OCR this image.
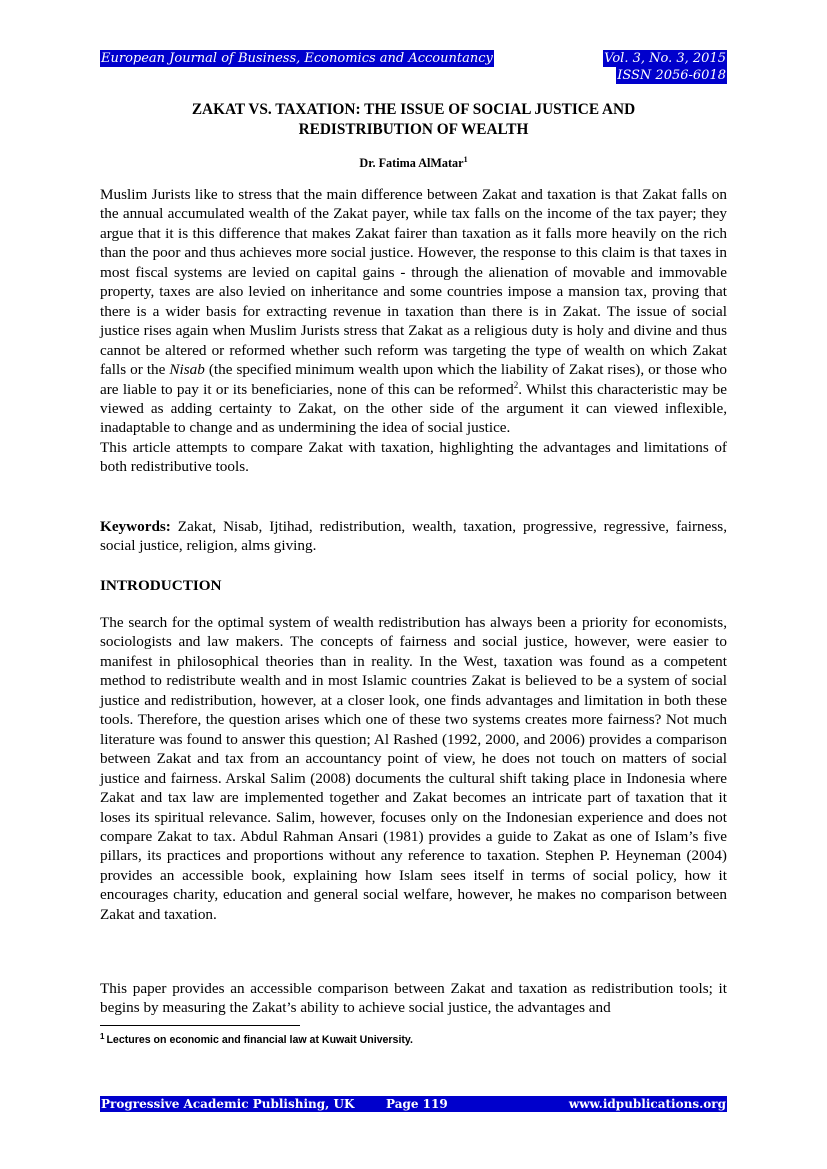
European Journal of Business, Economics and Accountancy	Vol. 3, No. 3, 2015
ISSN 2056-6018
ZAKAT VS. TAXATION: THE ISSUE OF SOCIAL JUSTICE AND
REDISTRIBUTION OF WEALTH
Dr. Fatima AlMatar$^1$

Muslim Jurists like to stress that the main difference between Zakat and taxation is that Zakat falls on the annual accumulated wealth of the Zakat payer, while tax falls on the income of the tax payer; they argue that it is this difference that makes Zakat fairer than taxation as it falls more heavily on the rich than the poor and thus achieves more social justice. However, the response to this claim is that taxes in most fiscal systems are levied on capital gains - through the alienation of movable and immovable property, taxes are also levied on inheritance and some countries impose a mansion tax, proving that there is a wider basis for extracting revenue in taxation than there is in Zakat. The issue of social justice rises again when Muslim Jurists stress that Zakat as a religious duty is holy and divine and thus cannot be altered or reformed whether such reform was targeting the type of wealth on which Zakat falls or the Nisab (the specified minimum wealth upon which the liability of Zakat rises), or those who are liable to pay it or its beneficiaries, none of this can be reformed$^2$. Whilst this characteristic may be viewed as adding certainty to Zakat, on the other side of the argument it can viewed inflexible, inadaptable to change and as undermining the idea of social justice.

This article attempts to compare Zakat with taxation, highlighting the advantages and limitations of both redistributive tools.

Keywords: Zakat, Nisab, Ijtihad, redistribution, wealth, taxation, progressive, regressive, fairness, social justice, religion, alms giving.

INTRODUCTION

The search for the optimal system of wealth redistribution has always been a priority for economists, sociologists and law makers. The concepts of fairness and social justice, however, were easier to manifest in philosophical theories than in reality. In the West, taxation was found as a competent method to redistribute wealth and in most Islamic countries Zakat is believed to be a system of social justice and redistribution, however, at a closer look, one finds advantages and limitation in both these tools. Therefore, the question arises which one of these two systems creates more fairness? Not much literature was found to answer this question; Al Rashed (1992, 2000, and 2006) provides a comparison between Zakat and tax from an accountancy point of view, he does not touch on matters of social justice and fairness. Arskal Salim (2008) documents the cultural shift taking place in Indonesia where Zakat and tax law are implemented together and Zakat becomes an intricate part of taxation that it loses its spiritual relevance. Salim, however, focuses only on the Indonesian experience and does not compare Zakat to tax. Abdul Rahman Ansari (1981) provides a guide to Zakat as one of Islam’s five pillars, its practices and proportions without any reference to taxation. Stephen P. Heyneman (2004) provides an accessible book, explaining how Islam sees itself in terms of social policy, how it encourages charity, education and general social welfare, however, he makes no comparison between Zakat and taxation.

This paper provides an accessible comparison between Zakat and taxation as redistribution tools; it begins by measuring the Zakat’s ability to achieve social justice, the advantages and

$^1$ Lectures on economic and financial law at Kuwait University.
Progressive Academic Publishing, UK	Page 119	www.idpublications.org
